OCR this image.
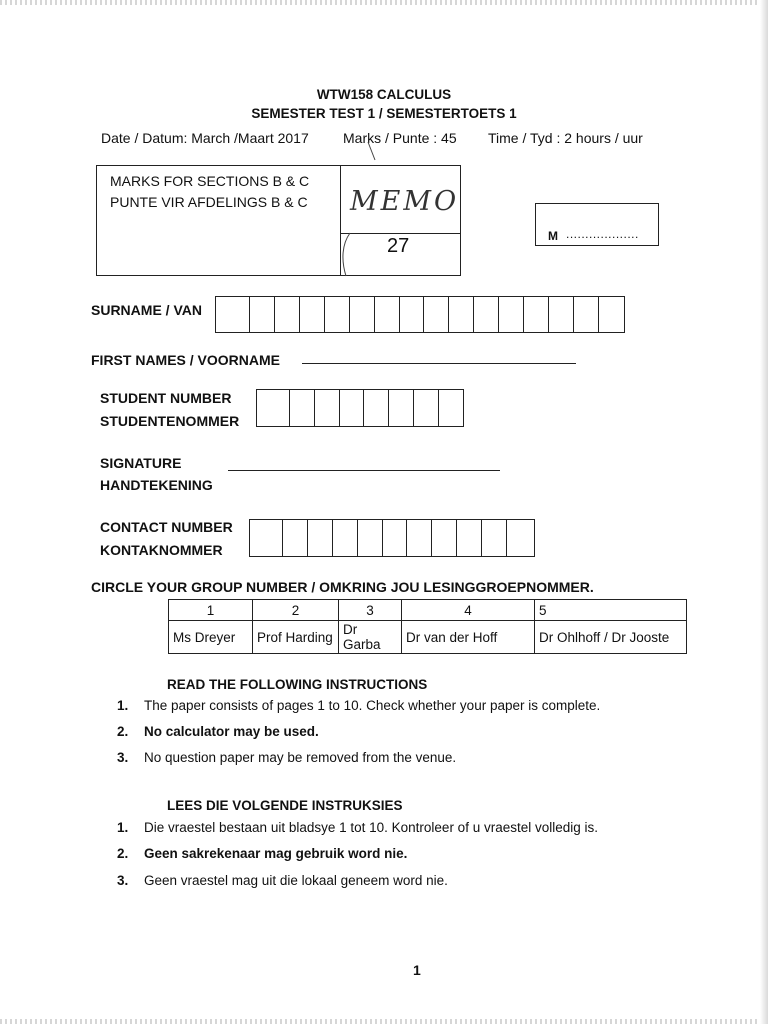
WTW158 CALCULUS
SEMESTER TEST 1 / SEMESTERTOETS 1
Date / Datum: March /Maart 2017 Marks / Punte : 45 Time / Tyd : 2 hours / uur
MARKS FOR SECTIONS B & C
PUNTE VIR AFDELINGS B & C MEMO
27	M ...................
SURNAME / VAN
FIRST NAMES / VOORNAME
STUDENT NUMBER
STUDENTENOMMER
SIGNATURE
HANDTEKENING
CONTACT NUMBER
KONTAKNOMMER
CIRCLE YOUR GROUP NUMBER / OMKRING JOU LESINGGROEPNOMMER.
1	2	3	4	5
Ms Dreyer	Prof Harding	Dr Garba	Dr van der Hoff	Dr Ohlhoff / Dr Jooste
READ THE FOLLOWING INSTRUCTIONS
1. The paper consists of pages 1 to 10. Check whether your paper is complete.
2. No calculator may be used.
3. No question paper may be removed from the venue.
LEES DIE VOLGENDE INSTRUKSIES
1. Die vraestel bestaan uit bladsye 1 tot 10. Kontroleer of u vraestel volledig is.
2. Geen sakrekenaar mag gebruik word nie.
3. Geen vraestel mag uit die lokaal geneem word nie.
1
